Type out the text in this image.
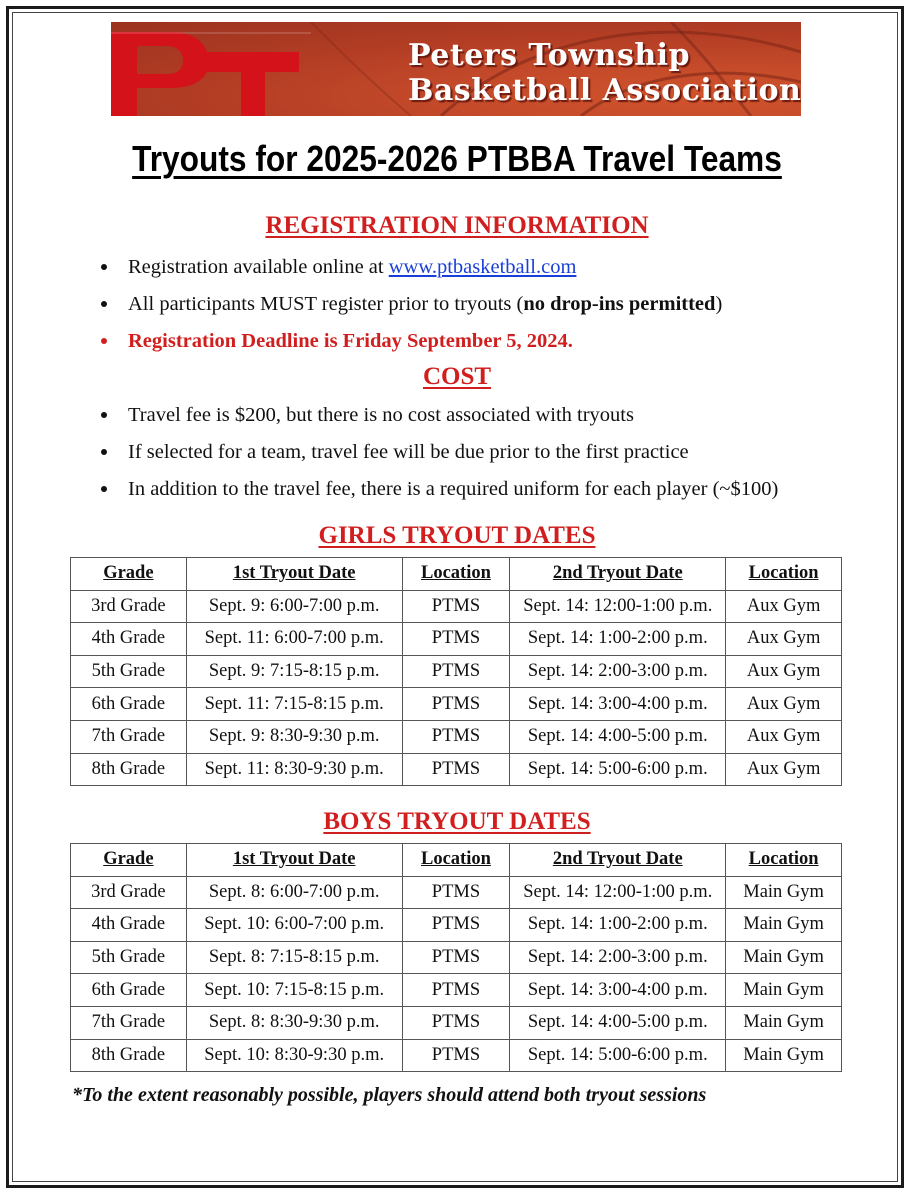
Peters Township
Basketball Association
Tryouts for 2025-2026 PTBBA Travel Teams
REGISTRATION INFORMATION
Registration available online at www.ptbasketball.com
All participants MUST register prior to tryouts (no drop-ins permitted)
Registration Deadline is Friday September 5, 2024.
COST
Travel fee is $200, but there is no cost associated with tryouts
If selected for a team, travel fee will be due prior to the first practice
In addition to the travel fee, there is a required uniform for each player (~$100)
GIRLS TRYOUT DATES
Grade	1st Tryout Date	Location	2nd Tryout Date	Location
3rd Grade	Sept. 9: 6:00-7:00 p.m.	PTMS	Sept. 14: 12:00-1:00 p.m.	Aux Gym
4th Grade	Sept. 11: 6:00-7:00 p.m.	PTMS	Sept. 14: 1:00-2:00 p.m.	Aux Gym
5th Grade	Sept. 9: 7:15-8:15 p.m.	PTMS	Sept. 14: 2:00-3:00 p.m.	Aux Gym
6th Grade	Sept. 11: 7:15-8:15 p.m.	PTMS	Sept. 14: 3:00-4:00 p.m.	Aux Gym
7th Grade	Sept. 9: 8:30-9:30 p.m.	PTMS	Sept. 14: 4:00-5:00 p.m.	Aux Gym
8th Grade	Sept. 11: 8:30-9:30 p.m.	PTMS	Sept. 14: 5:00-6:00 p.m.	Aux Gym
BOYS TRYOUT DATES
Grade	1st Tryout Date	Location	2nd Tryout Date	Location
3rd Grade	Sept. 8: 6:00-7:00 p.m.	PTMS	Sept. 14: 12:00-1:00 p.m.	Main Gym
4th Grade	Sept. 10: 6:00-7:00 p.m.	PTMS	Sept. 14: 1:00-2:00 p.m.	Main Gym
5th Grade	Sept. 8: 7:15-8:15 p.m.	PTMS	Sept. 14: 2:00-3:00 p.m.	Main Gym
6th Grade	Sept. 10: 7:15-8:15 p.m.	PTMS	Sept. 14: 3:00-4:00 p.m.	Main Gym
7th Grade	Sept. 8: 8:30-9:30 p.m.	PTMS	Sept. 14: 4:00-5:00 p.m.	Main Gym
8th Grade	Sept. 10: 8:30-9:30 p.m.	PTMS	Sept. 14: 5:00-6:00 p.m.	Main Gym
*To the extent reasonably possible, players should attend both tryout sessions
